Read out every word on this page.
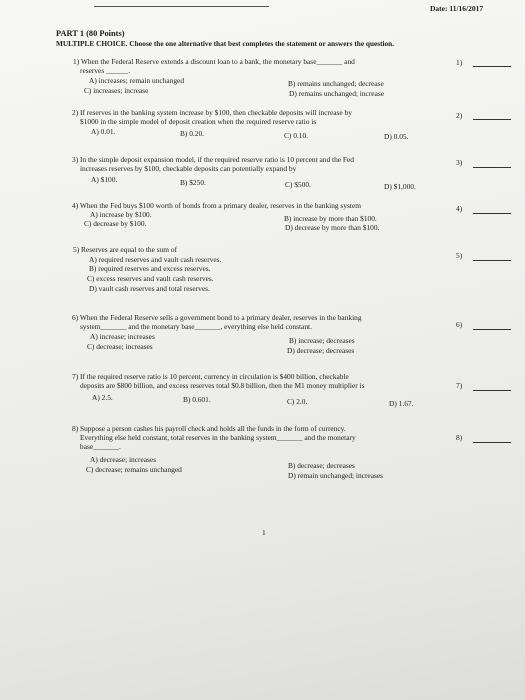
Date: 11/16/2017
PART 1 (80 Points)
MULTIPLE CHOICE. Choose the one alternative that best completes the statement or answers the question.
1) When the Federal Reserve extends a discount loan to a bank, the monetary base_______ and
reserves ______.
A) increases; remain unchanged	B) remains unchanged; decrease
C) increases; increase	D) remains unchanged; increase
1)
2) If reserves in the banking system increase by $100, then checkable deposits will increase by
$1000 in the simple model of deposit creation when the required reserve ratio is
A) 0.01.	B) 0.20.	C) 0.10.	D) 0.05.
2)
3) In the simple deposit expansion model, if the required reserve ratio is 10 percent and the Fed
increases reserves by $100, checkable deposits can potentially expand by
A) $100.	B) $250.	C) $500.	D) $1,000.
3)
4) When the Fed buys $100 worth of bonds from a primary dealer, reserves in the banking system
A) increase by $100.	B) increase by more than $100.
C) decrease by $100.	D) decrease by more than $100.
4)
5) Reserves are equal to the sum of
A) required reserves and vault cash reserves.
B) required reserves and excess reserves.
C) excess reserves and vault cash reserves.
D) vault cash reserves and total reserves.
5)
6) When the Federal Reserve sells a government bond to a primary dealer, reserves in the banking
system_______ and the monetary base_______, everything else held constant.
A) increase; increases	B) increase; decreases
C) decrease; increases	D) decrease; decreases
6)
7) If the required reserve ratio is 10 percent, currency in circulation is $400 billion, checkable
deposits are $800 billion, and excess reserves total $0.8 billion, then the M1 money multiplier is
A) 2.5.	B) 0.601.	C) 2.0.	D) 1.67.
7)
8) Suppose a person cashes his payroll check and holds all the funds in the form of currency.
Everything else held constant, total reserves in the banking system_______ and the monetary
base_______.
A) decrease; increases
B) decrease; decreases
C) decrease; remains unchanged
D) remain unchanged; increases
8)
1
